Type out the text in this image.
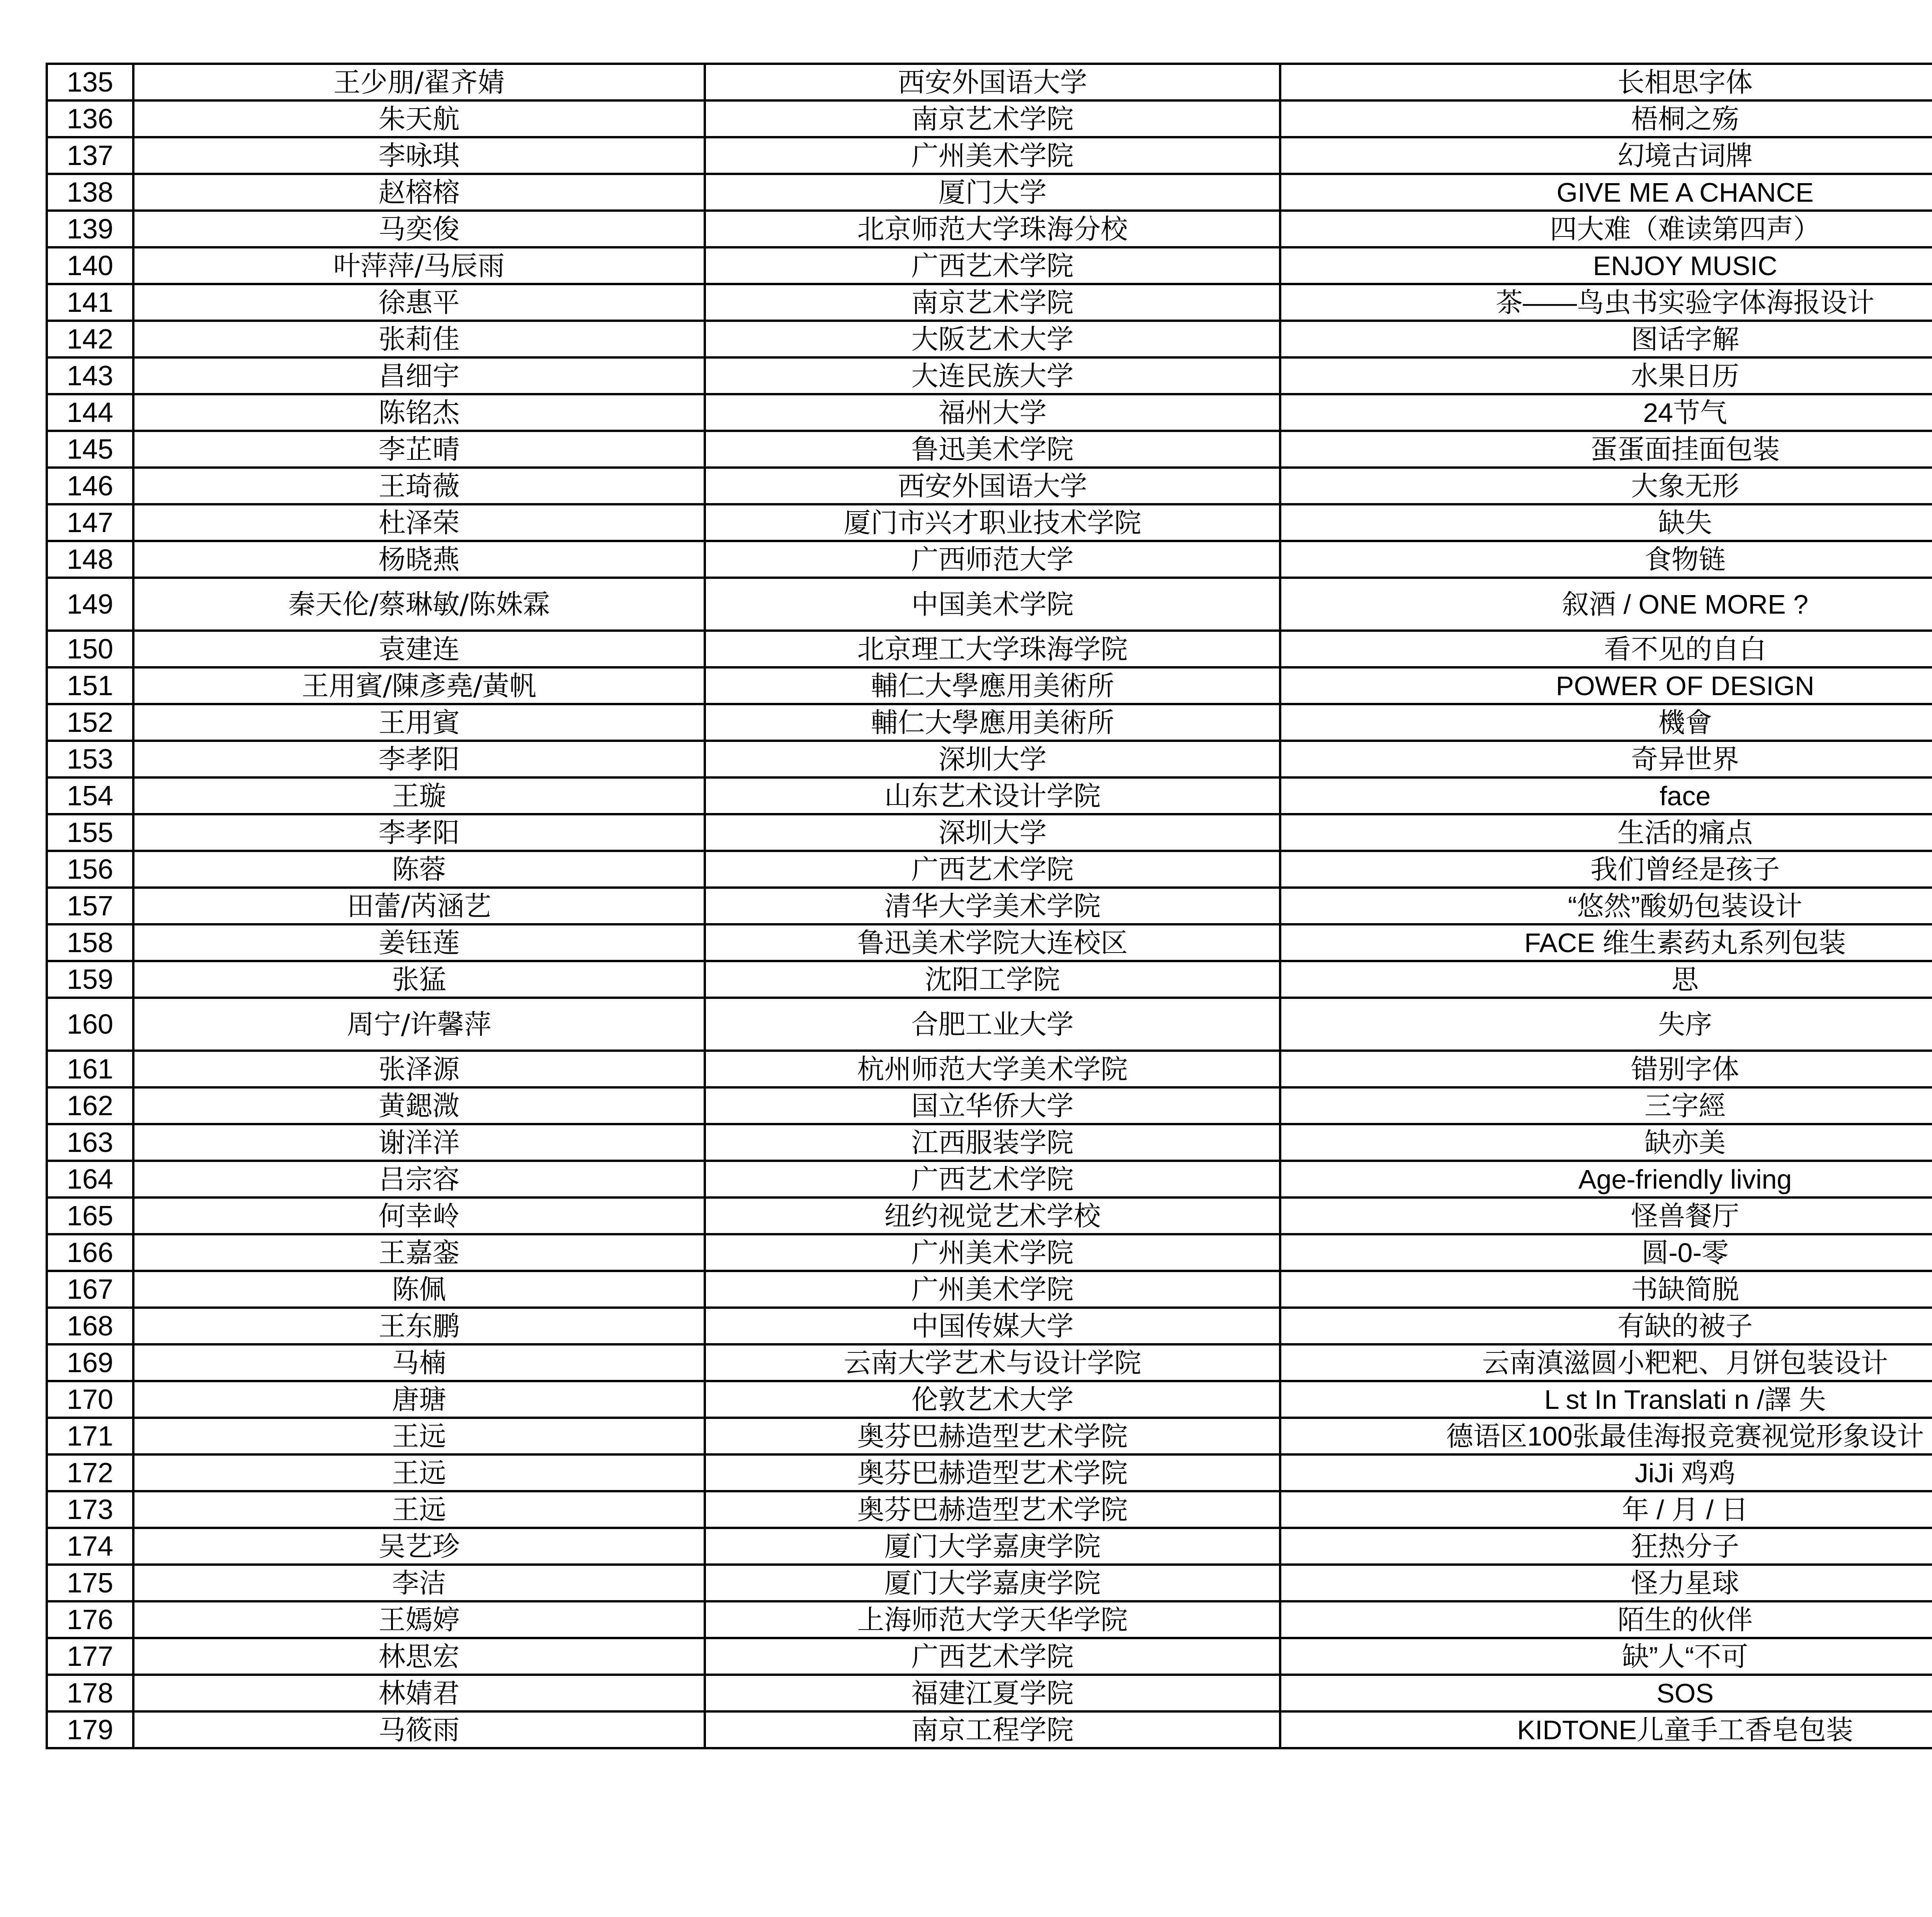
135	王少朋/翟齐婧	西安外国语大学	长相思字体		
136	朱天航	南京艺术学院	梧桐之殇		
137	李咏琪	广州美术学院	幻境古词牌		
138	赵榕榕	厦门大学	GIVE ME A CHANCE		
139	马奕俊	北京师范大学珠海分校	四大难（难读第四声）		
140	叶萍萍/马辰雨	广西艺术学院	ENJOY MUSIC		
141	徐惠平	南京艺术学院	茶——鸟虫书实验字体海报设计		
142	张莉佳	大阪艺术大学	图话字解		
143	昌细宇	大连民族大学	水果日历		
144	陈铭杰	福州大学	24节气		
145	李芷晴	鲁迅美术学院	蛋蛋面挂面包装		
146	王琦薇	西安外国语大学	大象无形		
147	杜泽荣	厦门市兴才职业技术学院	缺失		
148	杨晓燕	广西师范大学	食物链		
149	秦天伦/蔡琳敏/陈姝霖	中国美术学院	叙酒 / ONE MORE ?		
150	袁建连	北京理工大学珠海学院	看不见的自白		
151	王用賓/陳彥堯/黃帆	輔仁大學應用美術所	POWER OF DESIGN		
152	王用賓	輔仁大學應用美術所	機會		
153	李孝阳	深圳大学	奇异世界		
154	王璇	山东艺术设计学院	face		
155	李孝阳	深圳大学	生活的痛点		
156	陈蓉	广西艺术学院	我们曾经是孩子		
157	田蕾/芮涵艺	清华大学美术学院	“悠然”酸奶包装设计		
158	姜钰莲	鲁迅美术学院大连校区	FACE 维生素药丸系列包装		
159	张猛	沈阳工学院	思		
160	周宁/许馨萍	合肥工业大学	失序		
161	张泽源	杭州师范大学美术学院	错别字体		
162	黄鍶溦	国立华侨大学	三字經		
163	谢洋洋	江西服装学院	缺亦美		
164	吕宗容	广西艺术学院	Age-friendly living		
165	何幸岭	纽约视觉艺术学校	怪兽餐厅		
166	王嘉銮	广州美术学院	圆-0-零		
167	陈佩	广州美术学院	书缺简脱		
168	王东鹏	中国传媒大学	有缺的被子		
169	马楠	云南大学艺术与设计学院	云南滇滋圆小粑粑、月饼包装设计		
170	唐瑭	伦敦艺术大学	L st In Translati n /譯 失		
171	王远	奥芬巴赫造型艺术学院	德语区100张最佳海报竞赛视觉形象设计		
172	王远	奥芬巴赫造型艺术学院	JiJi 鸡鸡		
173	王远	奥芬巴赫造型艺术学院	年 / 月 / 日		
174	吴艺珍	厦门大学嘉庚学院	狂热分子		
175	李洁	厦门大学嘉庚学院	怪力星球		
176	王嫣婷	上海师范大学天华学院	陌生的伙伴		
177	林思宏	广西艺术学院	缺”人“不可		
178	林婧君	福建江夏学院	SOS		
179	马筱雨	南京工程学院	KIDTONE儿童手工香皂包装		
